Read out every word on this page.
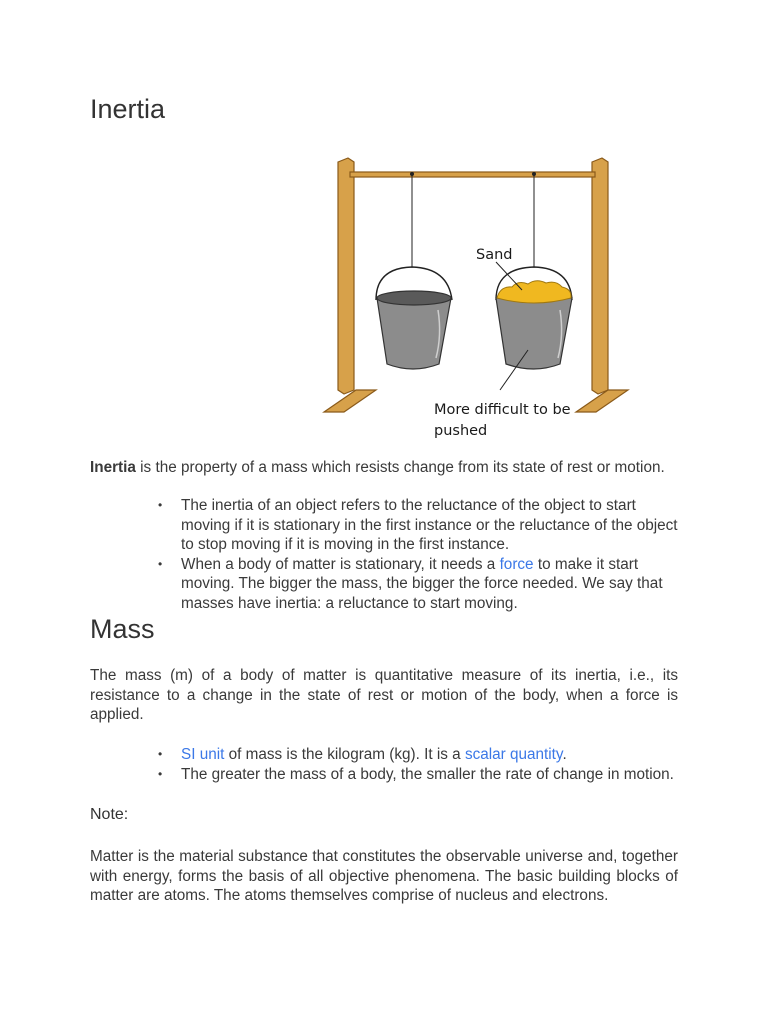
Inertia
Sand
More difficult to be
pushed

Inertia is the property of a mass which resists change from its state of rest or motion.

• The inertia of an object refers to the reluctance of the object to start moving if it is stationary in the first instance or the reluctance of the object to stop moving if it is moving in the first instance.
• When a body of matter is stationary, it needs a force to make it start moving. The bigger the mass, the bigger the force needed. We say that masses have inertia: a reluctance to start moving.
Mass

The mass (m) of a body of matter is quantitative measure of its inertia, i.e., its resistance to a change in the state of rest or motion of the body, when a force is applied.

• SI unit of mass is the kilogram (kg). It is a scalar quantity.
• The greater the mass of a body, the smaller the rate of change in motion.
Note:

Matter is the material substance that constitutes the observable universe and, together with energy, forms the basis of all objective phenomena. The basic building blocks of matter are atoms. The atoms themselves comprise of nucleus and electrons.
